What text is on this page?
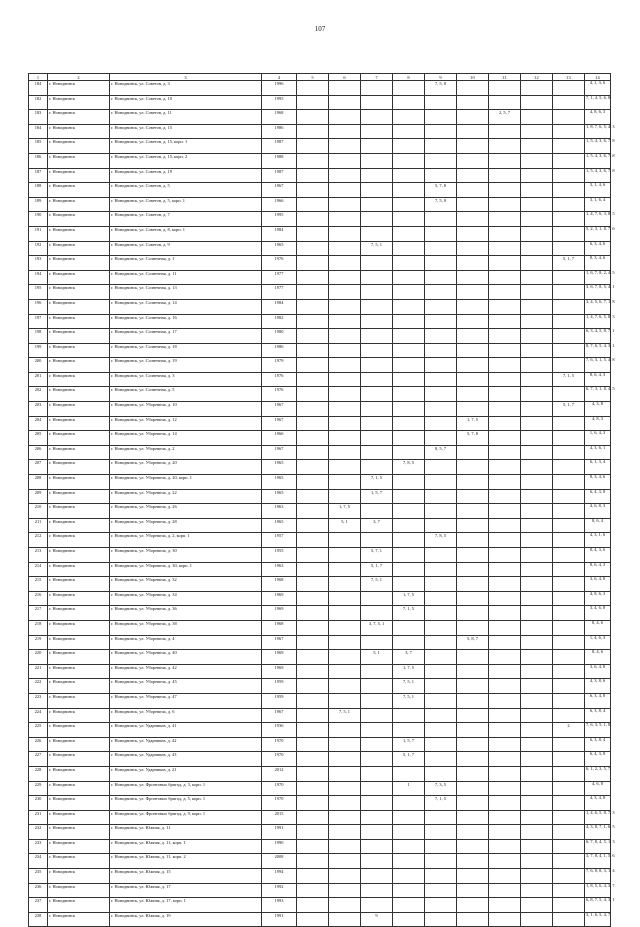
107
1	2	3	4	5	6	7	8	9	10	11	12	13	14
184	г. Новодвинск	г. Новодвинск, ул. Советов, д. 3	1996					7, 5, 8					4, 1, 3, 6
182	г. Новодвинск	г. Новодвинск, ул. Советов, д. 10	1995										7, 1, 4, 5, 6, 8
183	г. Новодвинск	г. Новодвинск, ул. Советов, д. 11	1968							2, 5, 7			4, 8, 6, 3
184	г. Новодвинск	г. Новодвинск, ул. Советов, д. 15	1986										1, 8, 7, 6, 5, 4, 3
185	г. Новодвинск	г. Новодвинск, ул. Советов, д. 15, корп. 1	1987										1, 5, 4, 3, 6, 7, 8
186	г. Новодвинск	г. Новодвинск, ул. Советов, д. 15, корп. 2	1988										1, 5, 4, 3, 6, 7, 8
187	г. Новодвинск	г. Новодвинск, ул. Советов, д. 19	1987										1, 5, 4, 3, 6, 7, 8
188	г. Новодвинск	г. Новодвинск, ул. Советов, д. 5	1967					5, 7, 8					3, 1, 4, 6
189	г. Новодвинск	г. Новодвинск, ул. Советов, д. 5, корп. 1	1966					7, 5, 8					3, 1, 6, 4
190	г. Новодвинск	г. Новодвинск, ул. Советов, д. 7	1995										1, 4, 7, 6, 3, 8, 5
191	г. Новодвинск	г. Новодвинск, ул. Советов, д. 8, корп. 1	1984										5, 2, 3, 1, 8, 7, 6
192	г. Новодвинск	г. Новодвинск, ул. Советов, д. 9	1965			7, 5, 1							6, 3, 4, 6
193	г. Новодвинск	г. Новодвинск, ул. Солнечная, д. 1	1976									5, 1, 7	8, 3, 4, 6
194	г. Новодвинск	г. Новодвинск, ул. Солнечная, д. 11	1977										1, 6, 7, 8, 2, 4, 5
195	г. Новодвинск	г. Новодвинск, ул. Солнечная, д. 13	1977										3, 6, 7, 8, 5, 4, 1
196	г. Новодвинск	г. Новодвинск, ул. Солнечная, д. 14	1984										3, 4, 5, 6, 7, 1, 8
197	г. Новодвинск	г. Новодвинск, ул. Солнечная, д. 16	1982										1, 4, 7, 6, 5, 8, 3
198	г. Новодвинск	г. Новодвинск, ул. Солнечная, д. 17	1980										6, 3, 4, 5, 8, 7, 1
199	г. Новодвинск	г. Новодвинск, ул. Солнечная, д. 18	1986										8, 7, 6, 5, 4, 3, 1
200	г. Новодвинск	г. Новодвинск, ул. Солнечная, д. 19	1979										7, 6, 3, 1, 5, 4, 8
201	г. Новодвинск	г. Новодвинск, ул. Солнечная, д. 3	1976									7, 1, 5	8, 6, 4, 3
202	г. Новодвинск	г. Новодвинск, ул. Солнечная, д. 5	1976										6, 7, 3, 1, 8, 4, 5
203	г. Новодвинск	г. Новодвинск, ул. Уборевича, д. 10	1967									5, 1, 7	4, 3, 8
204	г. Новодвинск	г. Новодвинск, ул. Уборевича, д. 12	1967						1, 7, 5				4, 8, 3
205	г. Новодвинск	г. Новодвинск, ул. Уборевича, д. 14	1966						5, 7, 8				1, 6, 4, 3
206	г. Новодвинск	г. Новодвинск, ул. Уборевича, д. 2	1967					8, 5, 7					4, 3, 6, 1
207	г. Новодвинск	г. Новодвинск, ул. Уборевича, д. 20	1965				7, 8, 5						6, 1, 3, 4
208	г. Новодвинск	г. Новодвинск, ул. Уборевича, д. 20, корп. 1	1965			7, 1, 5							8, 3, 4, 6
209	г. Новодвинск	г. Новодвинск, ул. Уборевича, д. 22	1965			1, 5, 7							6, 4, 3, 8
210	г. Новодвинск	г. Новодвинск, ул. Уборевича, д. 26	1963		1, 7, 5								4, 6, 8, 3
211	г. Новодвинск	г. Новодвинск, ул. Уборевича, д. 28	1965		5, 1	3, 7							8, 6, 4
212	г. Новодвинск	г. Новодвинск, ул. Уборевича, д. 2, корп. 1	1957					7, 8, 5					4, 3, 1, 6
213	г. Новодвинск	г. Новодвинск, ул. Уборевича, д. 30	1955			5, 7, 1							8, 4, 3, 6
214	г. Новодвинск	г. Новодвинск, ул. Уборевича, д. 30, корп. 1	1963			5, 1, 7							8, 6, 4, 3
215	г. Новодвинск	г. Новодвинск, ул. Уборевича, д. 32	1968			7, 5, 1							3, 6, 4, 8
216	г. Новодвинск	г. Новодвинск, ул. Уборевича, д. 34	1969				1, 7, 5						4, 8, 6, 3
217	г. Новодвинск	г. Новодвинск, ул. Уборевича, д. 36	1969				7, 1, 5						3, 4, 6, 8
218	г. Новодвинск	г. Новодвинск, ул. Уборевича, д. 38	1968			3, 7, 5, 1							8, 4, 6
219	г. Новодвинск	г. Новодвинск, ул. Уборевича, д. 4	1967						5, 8, 7				1, 4, 6, 3
220	г. Новодвинск	г. Новодвинск, ул. Уборевича, д. 40	1969			5, 1	3, 7						8, 4, 6
221	г. Новодвинск	г. Новодвинск, ул. Уборевича, д. 42	1969				1, 7, 5						3, 6, 4, 8
222	г. Новодвинск	г. Новодвинск, ул. Уборевича, д. 45	1959				7, 5, 1						4, 3, 8, 6
223	г. Новодвинск	г. Новодвинск, ул. Уборевича, д. 47	1959				7, 5, 1						6, 3, 4, 8
224	г. Новодвинск	г. Новодвинск, ул. Уборевича, д. 6	1967		7, 5, 1								6, 3, 8, 4
225	г. Новодвинск	г. Новодвинск, ул. Ударников, д. 41	1936									2	7, 6, 3, 5, 1, 8
226	г. Новодвинск	г. Новодвинск, ул. Ударников, д. 42	1970				1, 5, 7						6, 3, 8, 4
227	г. Новодвинск	г. Новодвинск, ул. Ударников, д. 43	1970				5, 1, 7						6, 4, 3, 8
228	г. Новодвинск	г. Новодвинск, ул. Ударников, д. 21	2012										6, 1, 2, 3, 5, 7
229	г. Новодвинск	г. Новодвинск, ул. Фронтовых бригад, д. 3, корп. 1	1970				1	7, 3, 5					4, 6, 8
230	г. Новодвинск	г. Новодвинск, ул. Фронтовых бригад, д. 5, корп. 1	1970					7, 1, 5					4, 3, 4, 8
231	г. Новодвинск	г. Новодвинск, ул. Фронтовых бригад, д. 9, корп. 1	2015										1, 4, 6, 5, 8, 7, 3
232	г. Новодвинск	г. Новодвинск, ул. Южная, д. 11	1991										4, 3, 8, 7, 1, 6, 5
233	г. Новодвинск	г. Новодвинск, ул. Южная, д. 11, корп. 1	1990										6, 7, 8, 4, 5, 1, 3
234	г. Новодвинск	г. Новодвинск, ул. Южная, д. 11, корп. 2	2008										3, 7, 8, 4, 1, 5, 6
235	г. Новодвинск	г. Новодвинск, ул. Южная, д. 15	1994										7, 6, 8, 8, 3, 1, 4
236	г. Новодвинск	г. Новодвинск, ул. Южная, д. 17	1992										1, 8, 5, 6, 4, 3, 7
237	г. Новодвинск	г. Новодвинск, ул. Южная, д. 17, корп. 1	1993										6, 8, 7, 5, 4, 3, 1
238	г. Новодвинск	г. Новодвинск, ул. Южная, д. 19	1991			9							3, 1, 6, 5, 4, 7
